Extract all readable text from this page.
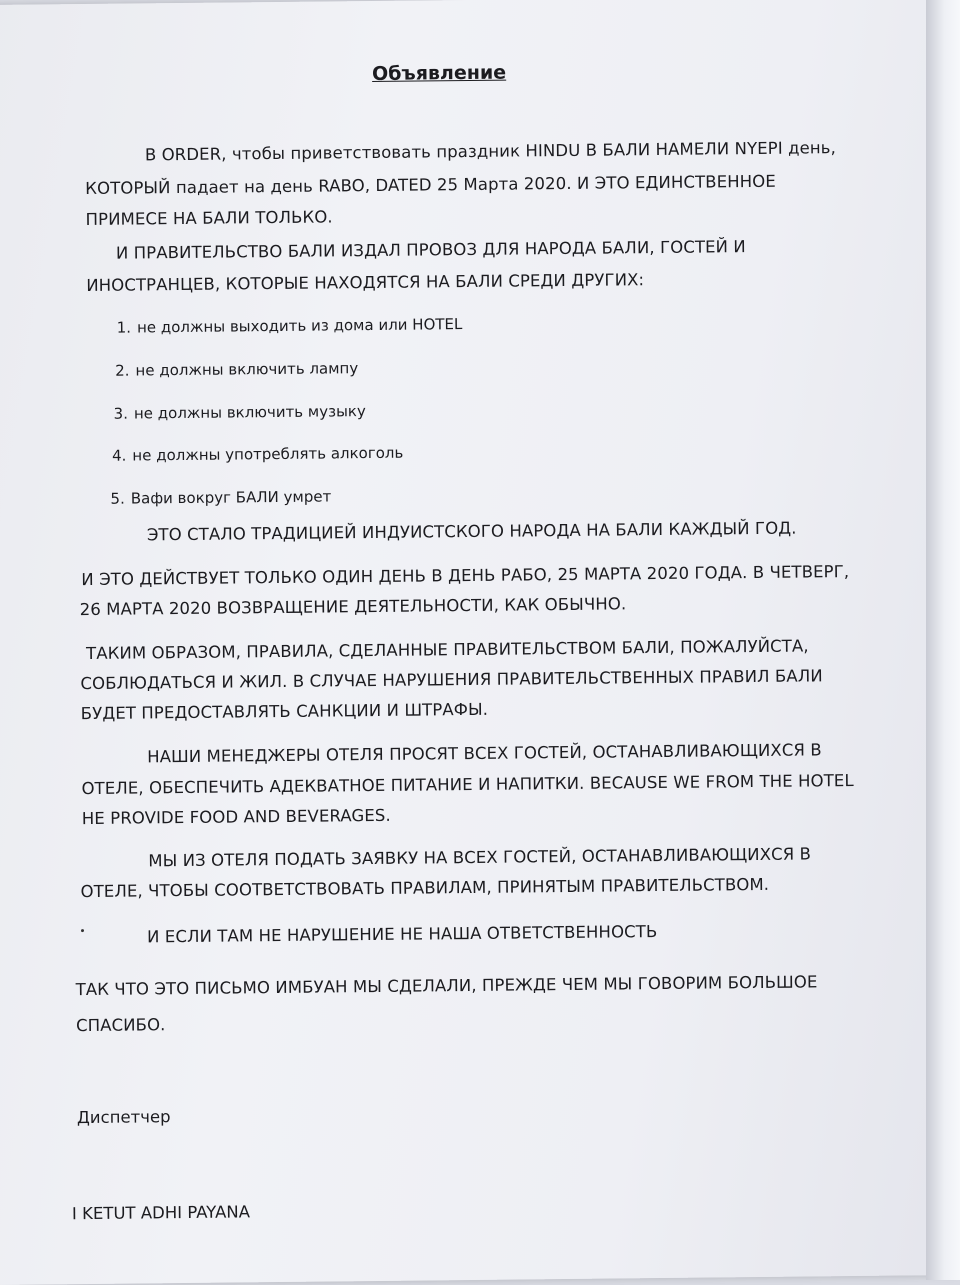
Объявление
В ORDER, чтобы приветствовать праздник HINDU В БАЛИ НАМЕЛИ NYEPI день,
КОТОРЫЙ падает на день RABO, DATED 25 Марта 2020. И ЭТО ЕДИНСТВЕННОЕ
ПРИМЕСЕ НА БАЛИ ТОЛЬКО.
И ПРАВИТЕЛЬСТВО БАЛИ ИЗДАЛ ПРОВОЗ ДЛЯ НАРОДА БАЛИ, ГОСТЕЙ И
ИНОСТРАНЦЕВ, КОТОРЫЕ НАХОДЯТСЯ НА БАЛИ СРЕДИ ДРУГИХ:
1. не должны выходить из дома или HOTEL
2. не должны включить лампу
3. не должны включить музыку
4. не должны употреблять алкоголь
5. Вафи вокруг БАЛИ умрет
ЭТО СТАЛО ТРАДИЦИЕЙ ИНДУИСТСКОГО НАРОДА НА БАЛИ КАЖДЫЙ ГОД.
И ЭТО ДЕЙСТВУЕТ ТОЛЬКО ОДИН ДЕНЬ В ДЕНЬ РАБО, 25 МАРТА 2020 ГОДА. В ЧЕТВЕРГ,
26 МАРТА 2020 ВОЗВРАЩЕНИЕ ДЕЯТЕЛЬНОСТИ, КАК ОБЫЧНО.
ТАКИМ ОБРАЗОМ, ПРАВИЛА, СДЕЛАННЫЕ ПРАВИТЕЛЬСТВОМ БАЛИ, ПОЖАЛУЙСТА,
СОБЛЮДАТЬСЯ И ЖИЛ. В СЛУЧАЕ НАРУШЕНИЯ ПРАВИТЕЛЬСТВЕННЫХ ПРАВИЛ БАЛИ
БУДЕТ ПРЕДОСТАВЛЯТЬ САНКЦИИ И ШТРАФЫ.
НАШИ МЕНЕДЖЕРЫ ОТЕЛЯ ПРОСЯТ ВСЕХ ГОСТЕЙ, ОСТАНАВЛИВАЮЩИХСЯ В
ОТЕЛЕ, ОБЕСПЕЧИТЬ АДЕКВАТНОЕ ПИТАНИЕ И НАПИТКИ. BECAUSE WE FROM THE HOTEL
HE PROVIDE FOOD AND BEVERAGES.
МЫ ИЗ ОТЕЛЯ ПОДАТЬ ЗАЯВКУ НА ВСЕХ ГОСТЕЙ, ОСТАНАВЛИВАЮЩИХСЯ В
ОТЕЛЕ, ЧТОБЫ СООТВЕТСТВОВАТЬ ПРАВИЛАМ, ПРИНЯТЫМ ПРАВИТЕЛЬСТВОМ.
И ЕСЛИ ТАМ НЕ НАРУШЕНИЕ НЕ НАША ОТВЕТСТВЕННОСТЬ
ТАК ЧТО ЭТО ПИСЬМО ИМБУАН МЫ СДЕЛАЛИ, ПРЕЖДЕ ЧЕМ МЫ ГОВОРИМ БОЛЬШОЕ
СПАСИБО.
Диспетчер
I KETUT ADHI PAYANA
